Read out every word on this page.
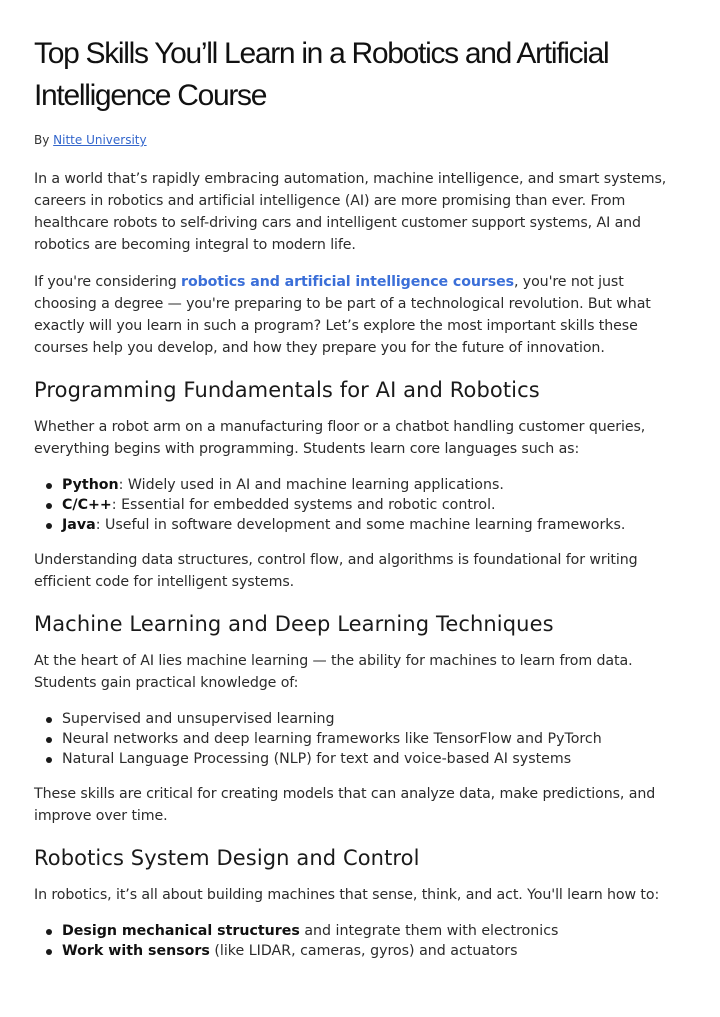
Top Skills You’ll Learn in a Robotics and Artificial Intelligence Course
By Nitte University

In a world that’s rapidly embracing automation, machine intelligence, and smart systems, careers in robotics and artificial intelligence (AI) are more promising than ever. From healthcare robots to self-driving cars and intelligent customer support systems, AI and robotics are becoming integral to modern life.

If you're considering robotics and artificial intelligence courses, you're not just choosing a degree — you're preparing to be part of a technological revolution. But what exactly will you learn in such a program? Let’s explore the most important skills these courses help you develop, and how they prepare you for the future of innovation.

Programming Fundamentals for AI and Robotics

Whether a robot arm on a manufacturing floor or a chatbot handling customer queries, everything begins with programming. Students learn core languages such as:

Python: Widely used in AI and machine learning applications.
C/C++: Essential for embedded systems and robotic control.
Java: Useful in software development and some machine learning frameworks.

Understanding data structures, control flow, and algorithms is foundational for writing efficient code for intelligent systems.

Machine Learning and Deep Learning Techniques

At the heart of AI lies machine learning — the ability for machines to learn from data. Students gain practical knowledge of:

Supervised and unsupervised learning
Neural networks and deep learning frameworks like TensorFlow and PyTorch
Natural Language Processing (NLP) for text and voice-based AI systems

These skills are critical for creating models that can analyze data, make predictions, and improve over time.

Robotics System Design and Control

In robotics, it’s all about building machines that sense, think, and act. You'll learn how to:

Design mechanical structures and integrate them with electronics
Work with sensors (like LIDAR, cameras, gyros) and actuators
